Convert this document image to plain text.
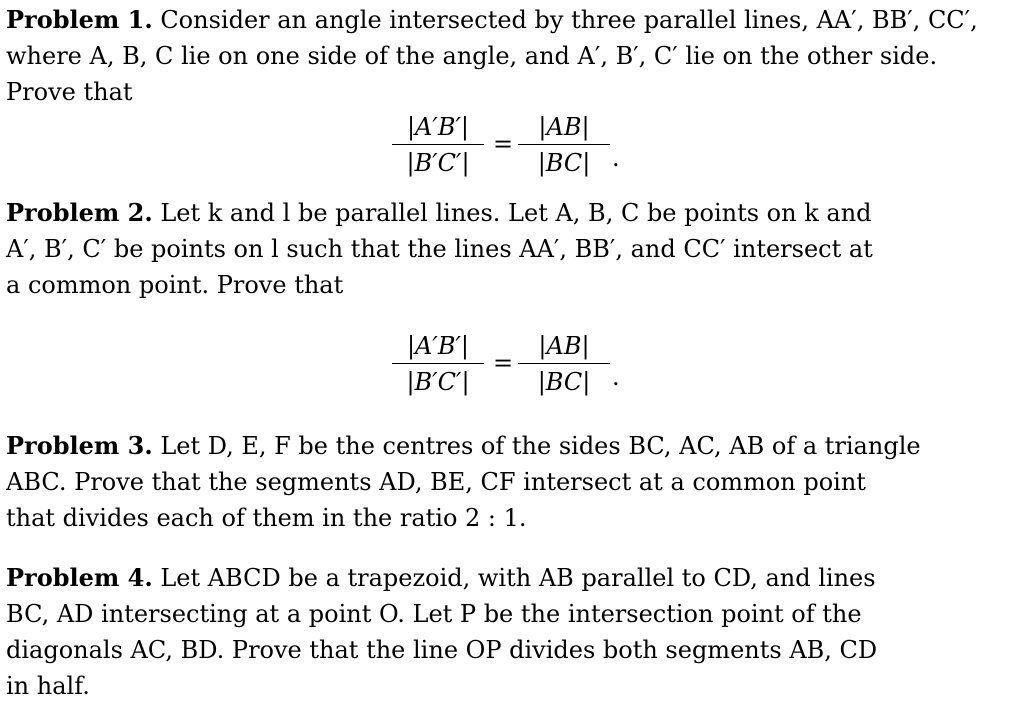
Problem 1. Consider an angle intersected by three parallel lines, AA′, BB′, CC′,
where A, B, C lie on one side of the angle, and A′, B′, C′ lie on the other side.
Prove that
|A′B′|
|B′C′|
=
|AB|
|BC| .
Problem 2. Let k and l be parallel lines. Let A, B, C be points on k and
A′, B′, C′ be points on l such that the lines AA′, BB′, and CC′ intersect at
a common point. Prove that
|A′B′|
|B′C′|
=
|AB|
|BC| .
Problem 3. Let D, E, F be the centres of the sides BC, AC, AB of a triangle
ABC. Prove that the segments AD, BE, CF intersect at a common point
that divides each of them in the ratio 2 : 1.
Problem 4. Let ABCD be a trapezoid, with AB parallel to CD, and lines
BC, AD intersecting at a point O. Let P be the intersection point of the
diagonals AC, BD. Prove that the line OP divides both segments AB, CD
in half.
